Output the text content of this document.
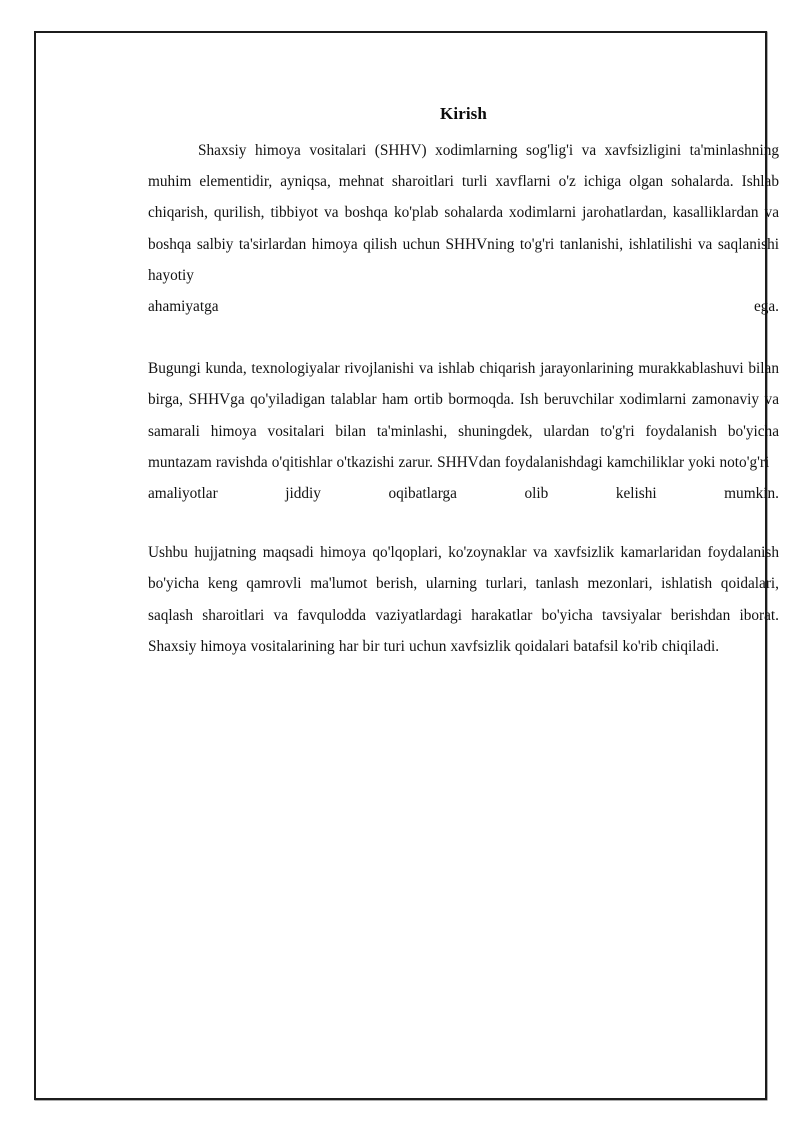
Kirish

Shaxsiy himoya vositalari (SHHV) xodimlarning sog'lig'i va xavfsizligini ta'minlashning muhim elementidir, ayniqsa, mehnat sharoitlari turli xavflarni o'z ichiga olgan sohalarda. Ishlab chiqarish, qurilish, tibbiyot va boshqa ko'plab sohalarda xodimlarni jarohatlardan, kasalliklardan va boshqa salbiy ta'sirlardan himoya qilish uchun SHHVning to'g'ri tanlanishi, ishlatilishi va saqlanishi hayotiy

ahamiyatga	ega.

Bugungi kunda, texnologiyalar rivojlanishi va ishlab chiqarish jarayonlarining murakkablashuvi bilan birga, SHHVga qo'yiladigan talablar ham ortib bormoqda. Ish beruvchilar xodimlarni zamonaviy va samarali himoya vositalari bilan ta'minlashi, shuningdek, ulardan to'g'ri foydalanish bo'yicha muntazam ravishda o'qitishlar o'tkazishi zarur. SHHVdan foydalanishdagi kamchiliklar yoki noto'g'ri

amaliyotlar	jiddiy	oqibatlarga	olib	kelishi	mumkin.

Ushbu hujjatning maqsadi himoya qo'lqoplari, ko'zoynaklar va xavfsizlik kamarlaridan foydalanish bo'yicha keng qamrovli ma'lumot berish, ularning turlari, tanlash mezonlari, ishlatish qoidalari, saqlash sharoitlari va favqulodda vaziyatlardagi harakatlar bo'yicha tavsiyalar berishdan iborat. Shaxsiy himoya vositalarining har bir turi uchun xavfsizlik qoidalari batafsil ko'rib chiqiladi.
